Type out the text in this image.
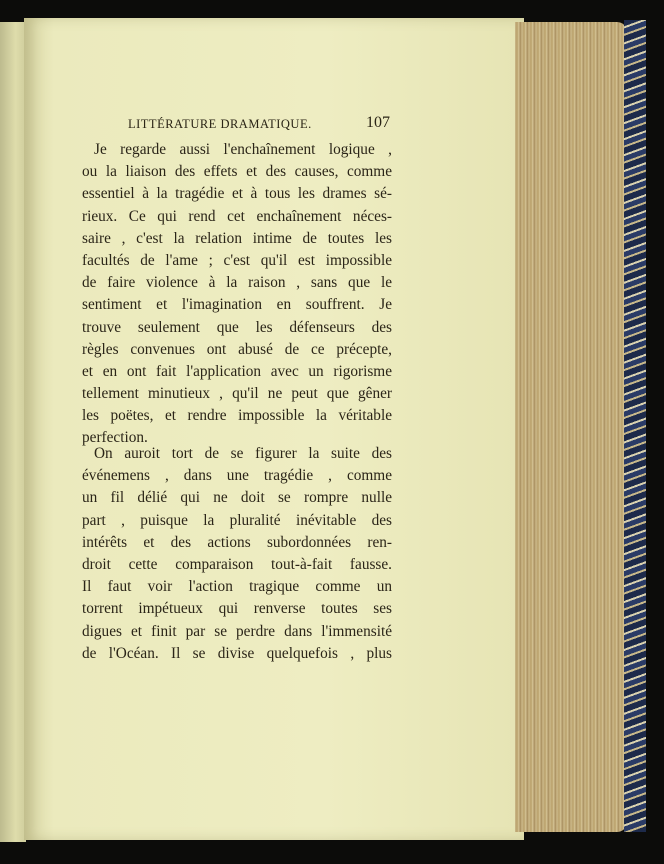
LITTÉRATURE DRAMATIQUE.	107
Je regarde aussi l'enchaînement logique ,
ou la liaison des effets et des causes, comme
essentiel à la tragédie et à tous les drames sé-
rieux. Ce qui rend cet enchaînement néces-
saire , c'est la relation intime de toutes les
facultés de l'ame ; c'est qu'il est impossible
de faire violence à la raison , sans que le
sentiment et l'imagination en souffrent. Je
trouve seulement que les défenseurs des
règles convenues ont abusé de ce précepte,
et en ont fait l'application avec un rigorisme
tellement minutieux , qu'il ne peut que gêner
les poëtes, et rendre impossible la véritable
perfection.
On auroit tort de se figurer la suite des
événemens , dans une tragédie , comme
un fil délié qui ne doit se rompre nulle
part , puisque la pluralité inévitable des
intérêts et des actions subordonnées ren-
droit cette comparaison tout-à-fait fausse.
Il faut voir l'action tragique comme un
torrent impétueux qui renverse toutes ses
digues et finit par se perdre dans l'immensité
de l'Océan. Il se divise quelquefois , plus
